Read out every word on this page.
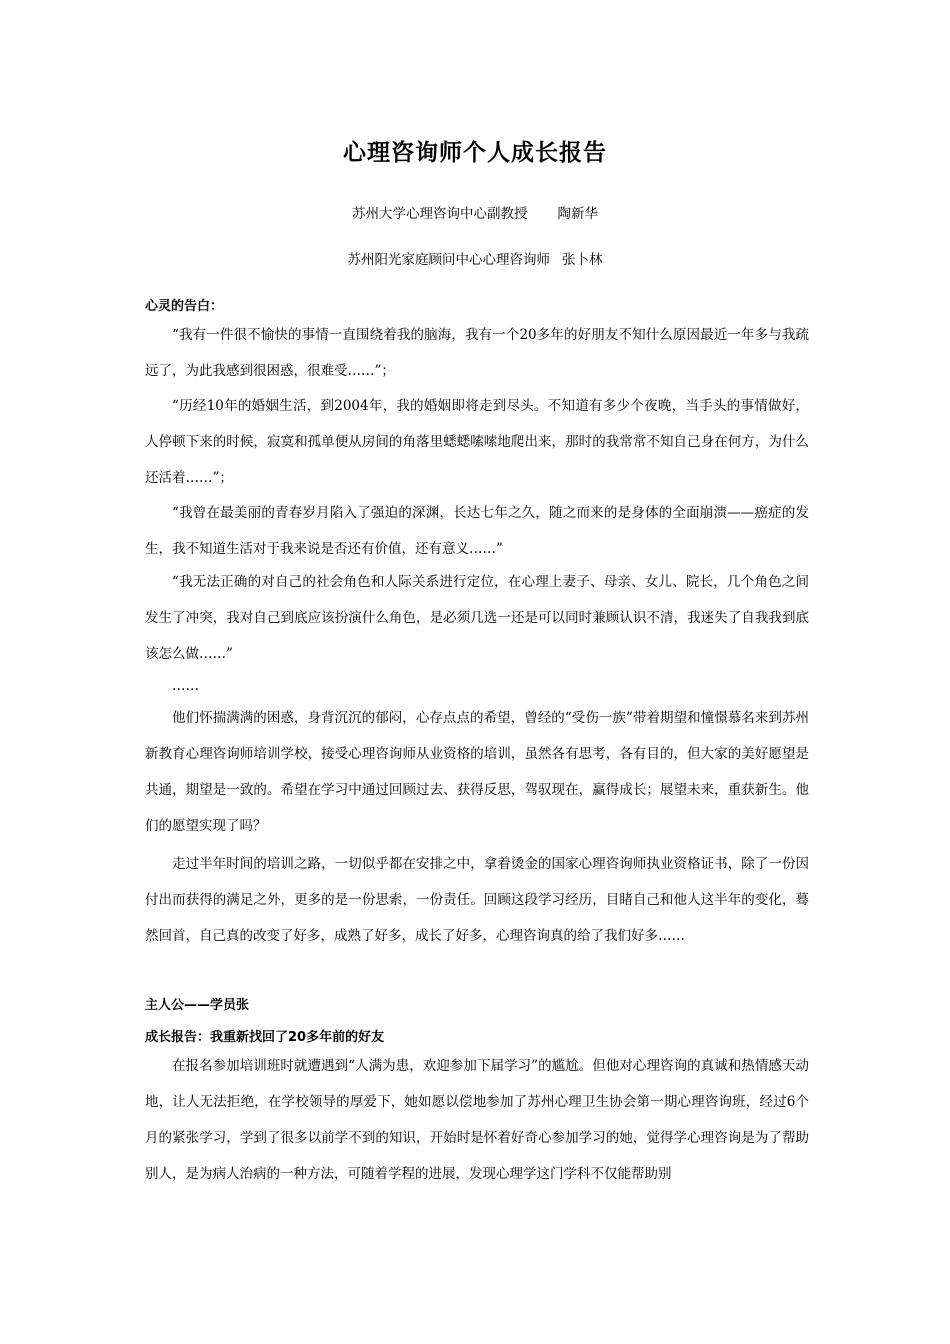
心理咨询师个人成长报告
苏州大学心理咨询中心副教授 陶新华
苏州阳光家庭顾问中心心理咨询师 张卜林
心灵的告白：

“我有一件很不愉快的事情一直围绕着我的脑海，我有一个20多年的好朋友不知什么原因最近一年多与我疏远了，为此我感到很困惑，很难受……”；

“历经10年的婚姻生活，到2004年，我的婚姻即将走到尽头。不知道有多少个夜晚，当手头的事情做好，人停顿下来的时候，寂寞和孤单便从房间的角落里蟋蟋嗦嗦地爬出来，那时的我常常不知自己身在何方，为什么还活着……”；

“我曾在最美丽的青春岁月陷入了强迫的深渊，长达七年之久，随之而来的是身体的全面崩溃——癌症的发生，我不知道生活对于我来说是否还有价值，还有意义……”

“我无法正确的对自己的社会角色和人际关系进行定位，在心理上妻子、母亲、女儿、院长，几个角色之间发生了冲突，我对自己到底应该扮演什么角色，是必须几选一还是可以同时兼顾认识不清，我迷失了自我我到底该怎么做……”

……

他们怀揣满满的困惑，身背沉沉的郁闷，心存点点的希望，曾经的“受伤一族”带着期望和憧憬慕名来到苏州新教育心理咨询师培训学校，接受心理咨询师从业资格的培训，虽然各有思考，各有目的，但大家的美好愿望是共通，期望是一致的。希望在学习中通过回顾过去、获得反思，驾驭现在，赢得成长；展望未来，重获新生。他们的愿望实现了吗？

走过半年时间的培训之路，一切似乎都在安排之中，拿着烫金的国家心理咨询师执业资格证书，除了一份因付出而获得的满足之外，更多的是一份思索，一份责任。回顾这段学习经历，目睹自己和他人这半年的变化，蓦然回首，自己真的改变了好多，成熟了好多，成长了好多，心理咨询真的给了我们好多……

主人公——学员张
成长报告：我重新找回了20多年前的好友

在报名参加培训班时就遭遇到“人满为患，欢迎参加下届学习”的尴尬。但他对心理咨询的真诚和热情感天动地，让人无法拒绝，在学校领导的厚爱下，她如愿以偿地参加了苏州心理卫生协会第一期心理咨询班，经过6个月的紧张学习，学到了很多以前学不到的知识，开始时是怀着好奇心参加学习的她，觉得学心理咨询是为了帮助别人，是为病人治病的一种方法，可随着学程的进展，发现心理学这门学科不仅能帮助别
